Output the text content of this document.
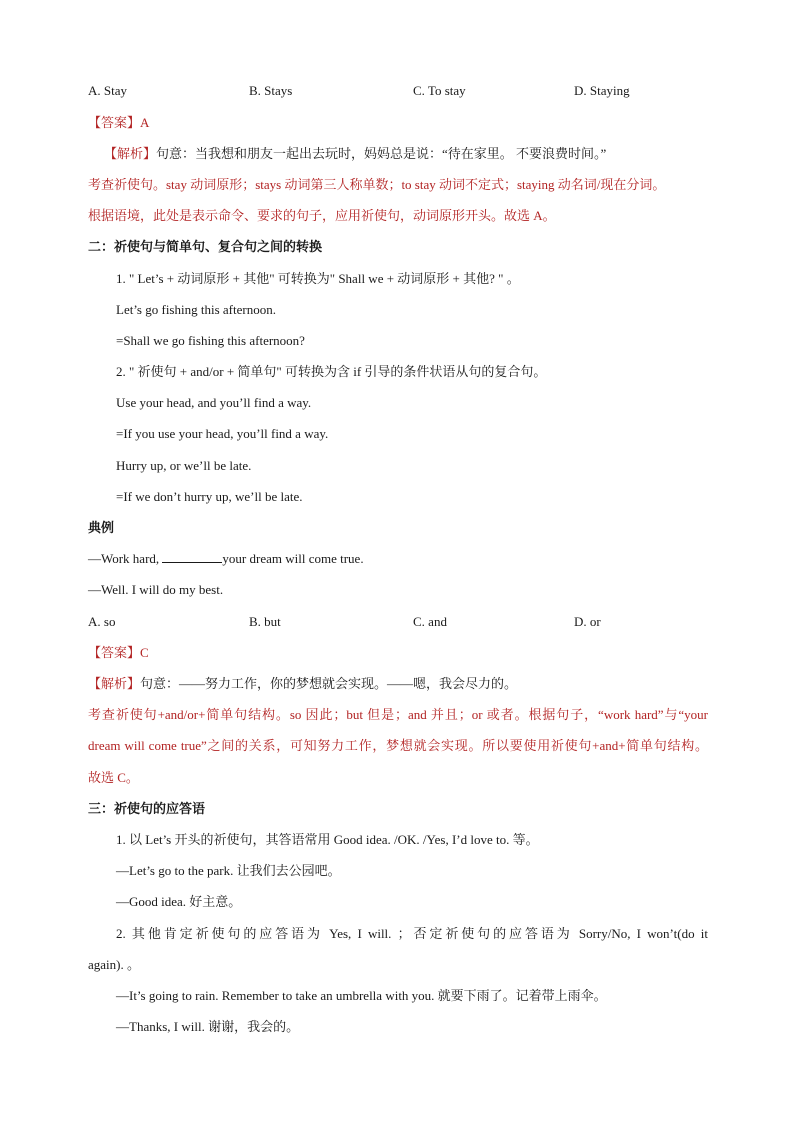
A. Stay	B. Stays	C. To stay	D. Staying
【答案】A
【解析】句意：当我想和朋友一起出去玩时，妈妈总是说：“待在家里。 不要浪费时间。”
考查祈使句。stay 动词原形；stays 动词第三人称单数；to stay 动词不定式；staying 动名词/现在分词。
根据语境，此处是表示命令、要求的句子，应用祈使句，动词原形开头。故选 A。
二：祈使句与简单句、复合句之间的转换
1. " Let’s + 动词原形 + 其他" 可转换为" Shall we + 动词原形 + 其他? " 。
Let’s go fishing this afternoon.
=Shall we go fishing this afternoon?
2. " 祈使句 + and/or + 简单句" 可转换为含 if 引导的条件状语从句的复合句。
Use your head, and you’ll find a way.
=If you use your head, you’ll find a way.
Hurry up, or we’ll be late.
=If we don’t hurry up, we’ll be late.
典例
—Work hard,	your dream will come true.
—Well. I will do my best.
A. so	B. but	C. and	D. or
【答案】C
【解析】句意：——努力工作，你的梦想就会实现。——嗯，我会尽力的。
考查祈使句+and/or+简单句结构。so 因此；but 但是；and 并且；or 或者。根据句子，“work hard”与“your
dream will come true”之间的关系，可知努力工作，梦想就会实现。所以要使用祈使句+and+简单句结构。
故选 C。
三：祈使句的应答语
1. 以 Let’s 开头的祈使句，其答语常用 Good idea. /OK. /Yes, I’d love to. 等。
—Let’s go to the park. 让我们去公园吧。
—Good idea. 好主意。
2. 其他肯定祈使句的应答语为 Yes, I will. ；否定祈使句的应答语为 Sorry/No, I won’t(do it
again). 。
—It’s going to rain. Remember to take an umbrella with you. 就要下雨了。记着带上雨伞。
—Thanks, I will. 谢谢，我会的。
